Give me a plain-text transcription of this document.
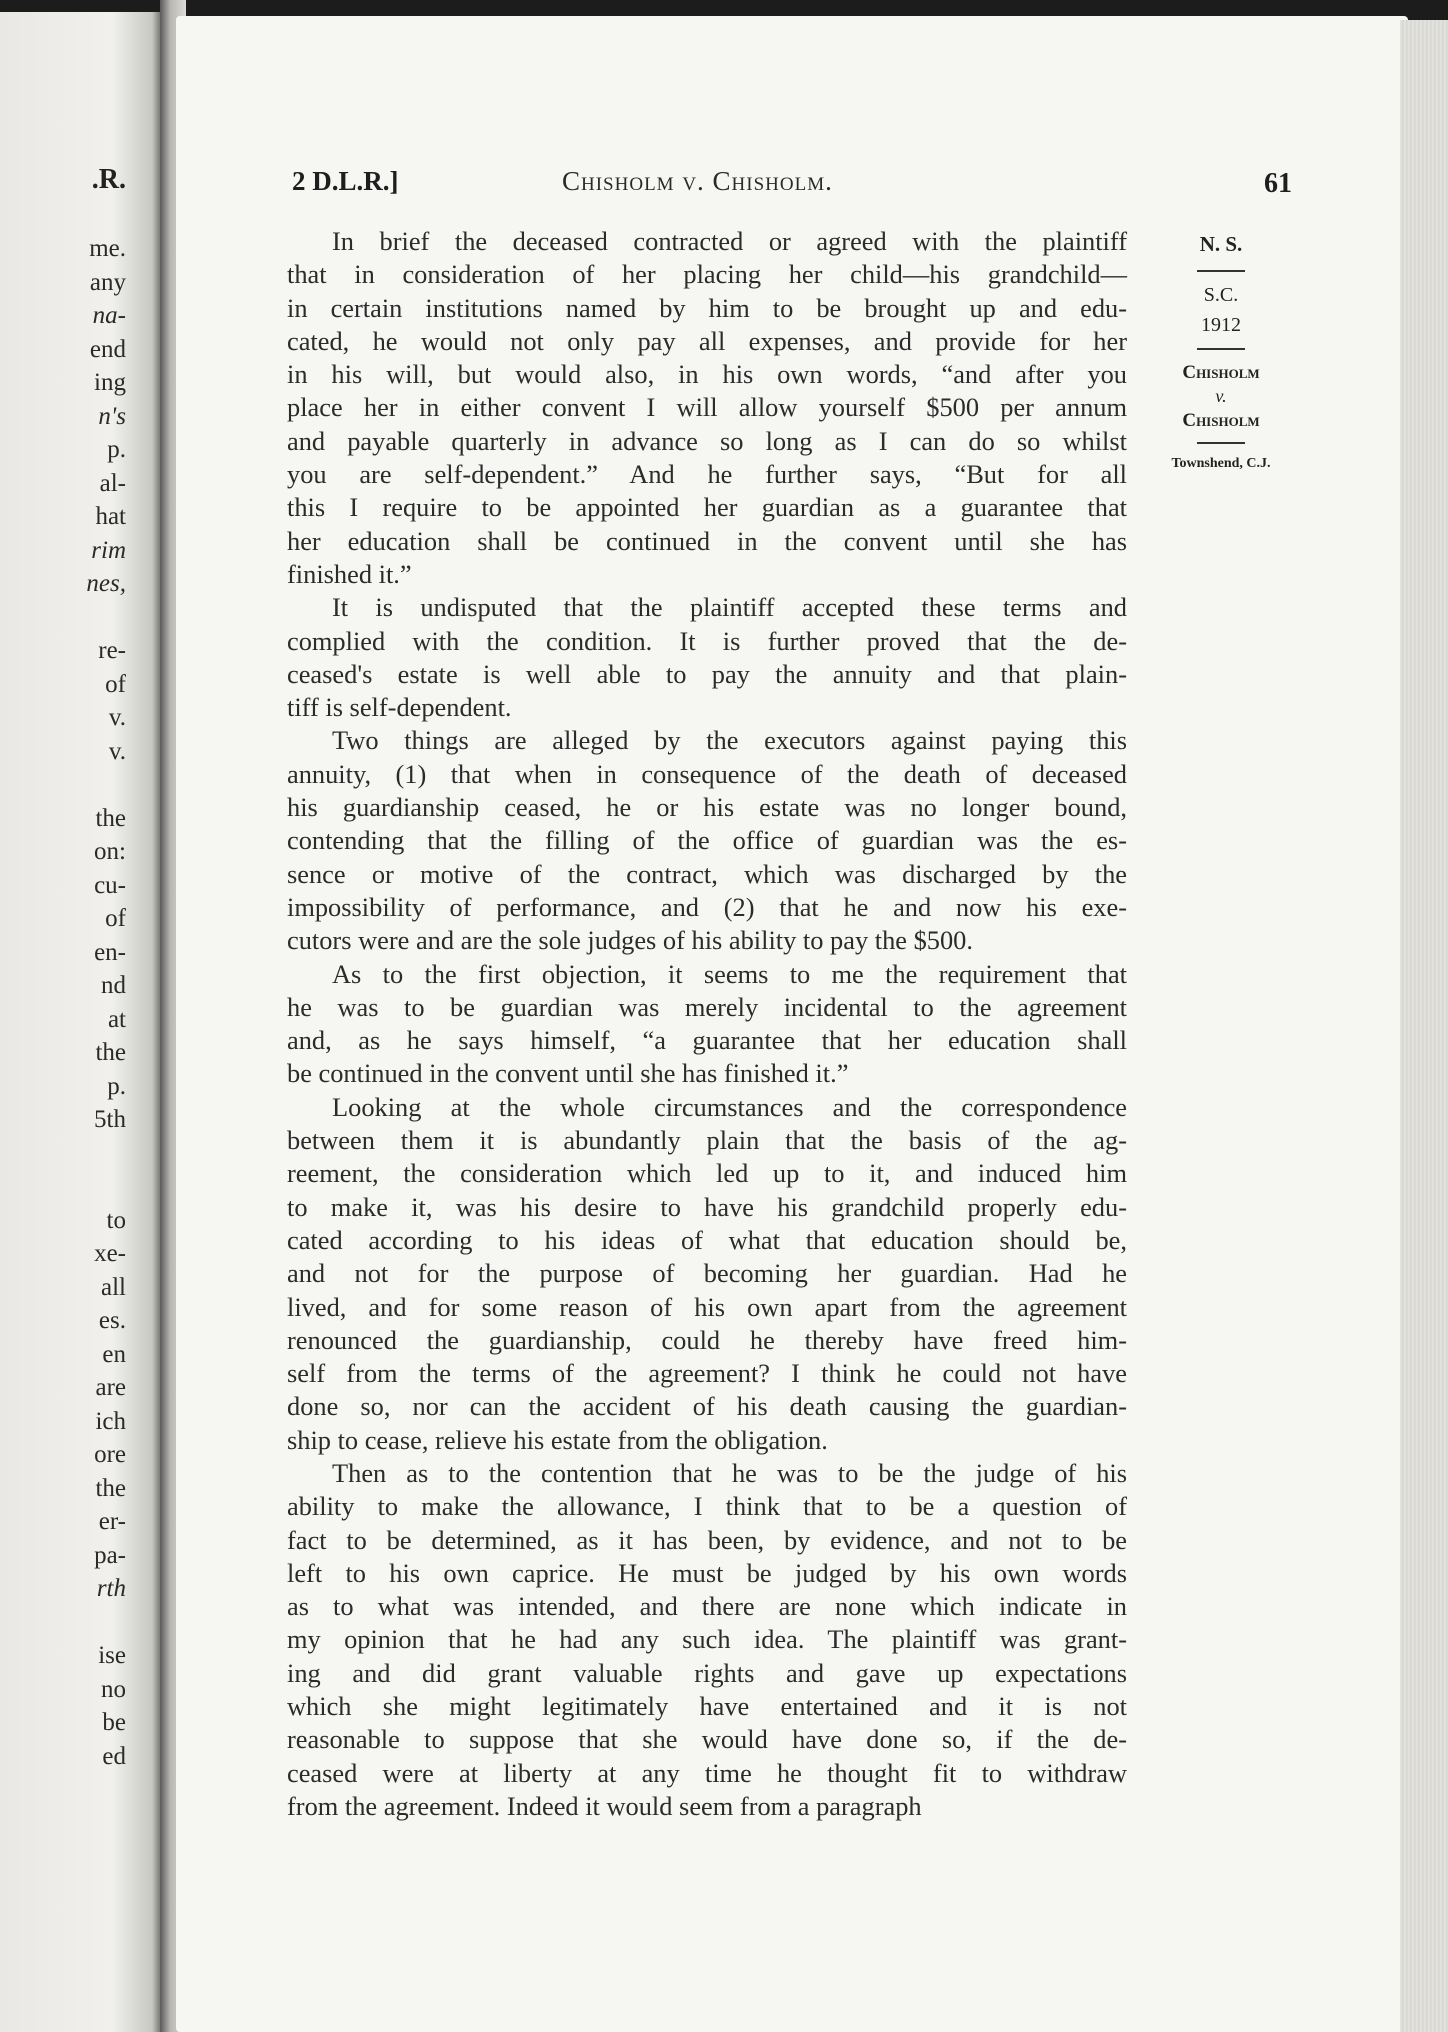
.R.
me.
any
na-
end
ing
n's
p.
al-
hat
rim
nes,
re-
of
v.
v.
the
on:
cu-
of
en-
nd
at
the
p.
5th
to
xe-
all
es.
en
are
ich
ore
the
er-
pa-
rth
ise
no
be
ed
2 D.L.R.]	Chisholm v. Chisholm.	61
N. S.
S.C.
1912
Chisholm
v.
Chisholm
Townshend, C.J.
In brief the deceased contracted or agreed with the plaintiff
that in consideration of her placing her child—his grandchild—
in certain institutions named by him to be brought up and edu-
cated, he would not only pay all expenses, and provide for her
in his will, but would also, in his own words, “and after you
place her in either convent I will allow yourself $500 per annum
and payable quarterly in advance so long as I can do so whilst
you are self-dependent.” And he further says, “But for all
this I require to be appointed her guardian as a guarantee that
her education shall be continued in the convent until she has
finished it.”
It is undisputed that the plaintiff accepted these terms and
complied with the condition. It is further proved that the de-
ceased's estate is well able to pay the annuity and that plain-
tiff is self-dependent.
Two things are alleged by the executors against paying this
annuity, (1) that when in consequence of the death of deceased
his guardianship ceased, he or his estate was no longer bound,
contending that the filling of the office of guardian was the es-
sence or motive of the contract, which was discharged by the
impossibility of performance, and (2) that he and now his exe-
cutors were and are the sole judges of his ability to pay the $500.
As to the first objection, it seems to me the requirement that
he was to be guardian was merely incidental to the agreement
and, as he says himself, “a guarantee that her education shall
be continued in the convent until she has finished it.”
Looking at the whole circumstances and the correspondence
between them it is abundantly plain that the basis of the ag-
reement, the consideration which led up to it, and induced him
to make it, was his desire to have his grandchild properly edu-
cated according to his ideas of what that education should be,
and not for the purpose of becoming her guardian. Had he
lived, and for some reason of his own apart from the agreement
renounced the guardianship, could he thereby have freed him-
self from the terms of the agreement? I think he could not have
done so, nor can the accident of his death causing the guardian-
ship to cease, relieve his estate from the obligation.
Then as to the contention that he was to be the judge of his
ability to make the allowance, I think that to be a question of
fact to be determined, as it has been, by evidence, and not to be
left to his own caprice. He must be judged by his own words
as to what was intended, and there are none which indicate in
my opinion that he had any such idea. The plaintiff was grant-
ing and did grant valuable rights and gave up expectations
which she might legitimately have entertained and it is not
reasonable to suppose that she would have done so, if the de-
ceased were at liberty at any time he thought fit to withdraw
from the agreement. Indeed it would seem from a paragraph
